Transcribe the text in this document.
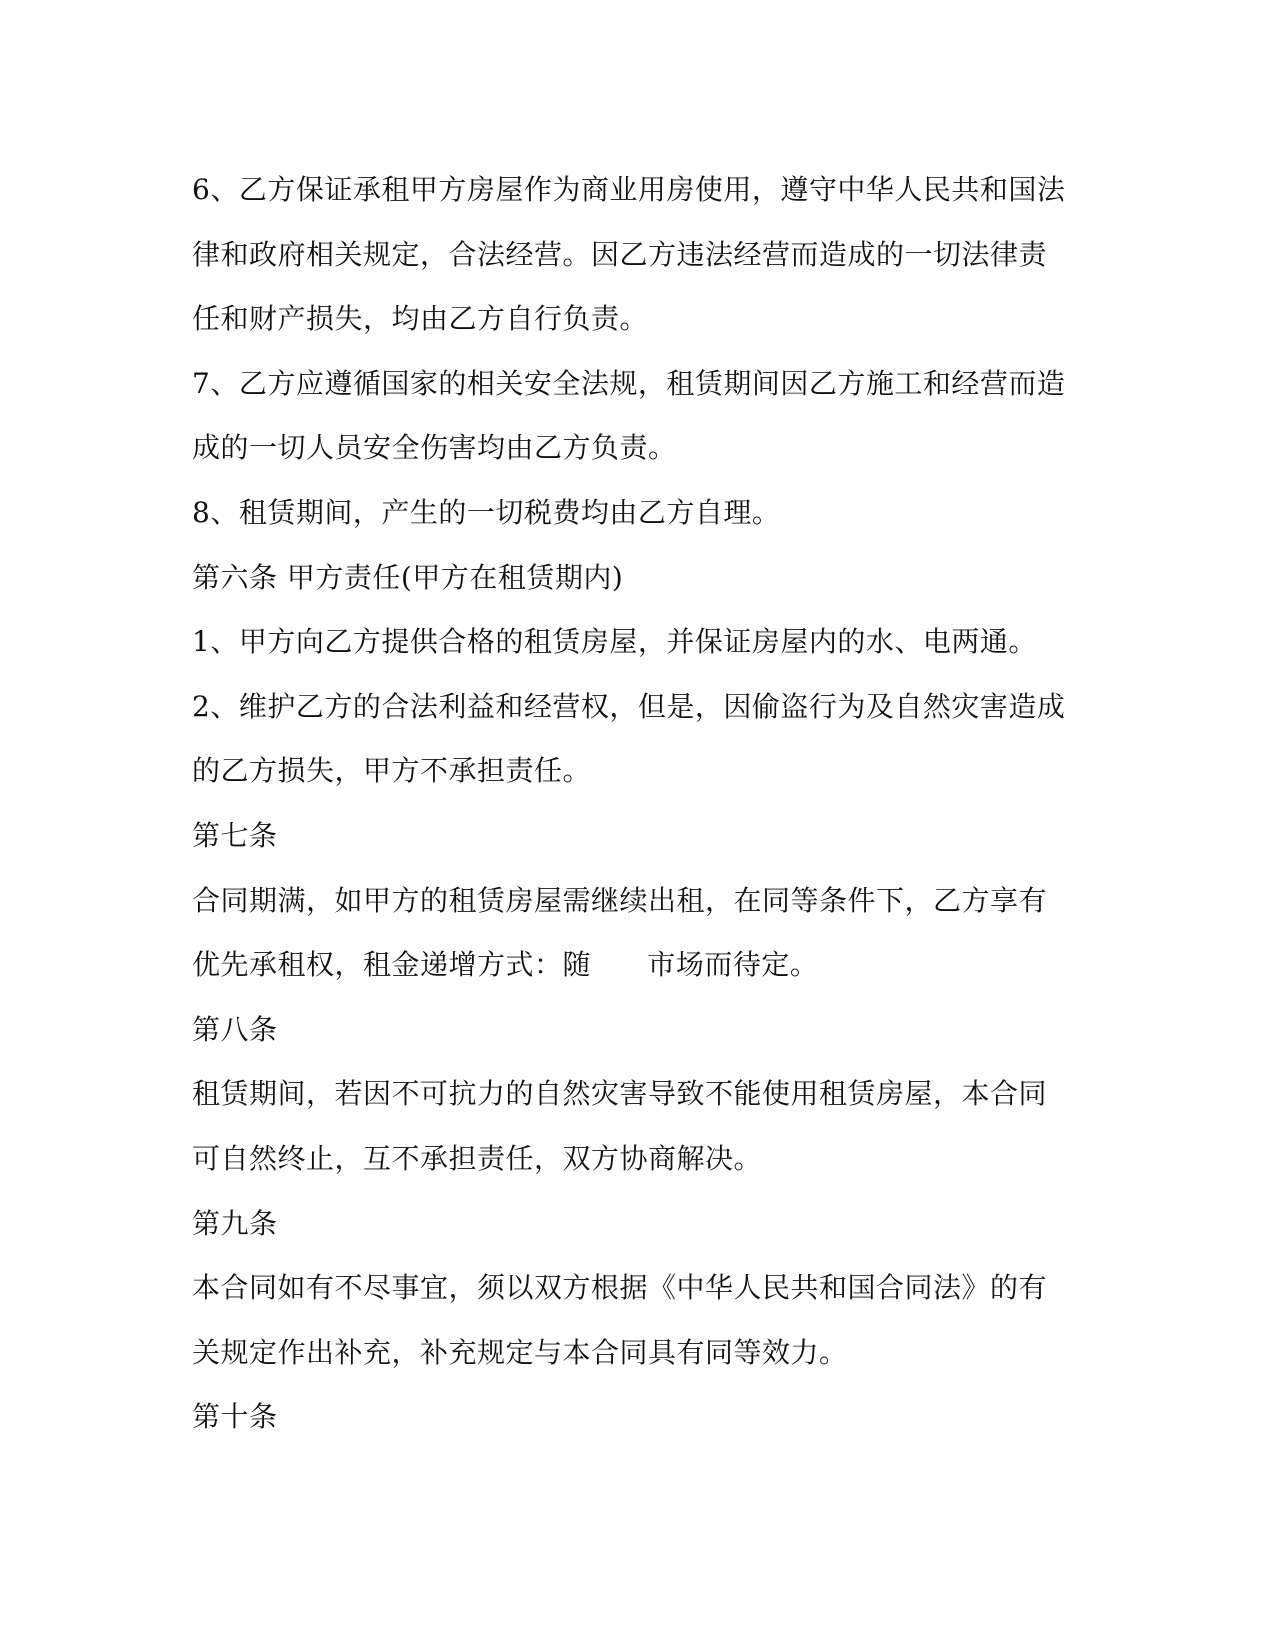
6、乙方保证承租甲方房屋作为商业用房使用，遵守中华人民共和国法
律和政府相关规定，合法经营。因乙方违法经营而造成的一切法律责
任和财产损失，均由乙方自行负责。
7、乙方应遵循国家的相关安全法规，租赁期间因乙方施工和经营而造
成的一切人员安全伤害均由乙方负责。
8、租赁期间，产生的一切税费均由乙方自理。
第六条 甲方责任(甲方在租赁期内)
1、甲方向乙方提供合格的租赁房屋，并保证房屋内的水、电两通。
2、维护乙方的合法利益和经营权，但是，因偷盗行为及自然灾害造成
的乙方损失，甲方不承担责任。
第七条
合同期满，如甲方的租赁房屋需继续出租，在同等条件下，乙方享有
优先承租权，租金递增方式：随      市场而待定。
第八条
租赁期间，若因不可抗力的自然灾害导致不能使用租赁房屋，本合同
可自然终止，互不承担责任，双方协商解决。
第九条
本合同如有不尽事宜，须以双方根据《中华人民共和国合同法》的有
关规定作出补充，补充规定与本合同具有同等效力。
第十条
